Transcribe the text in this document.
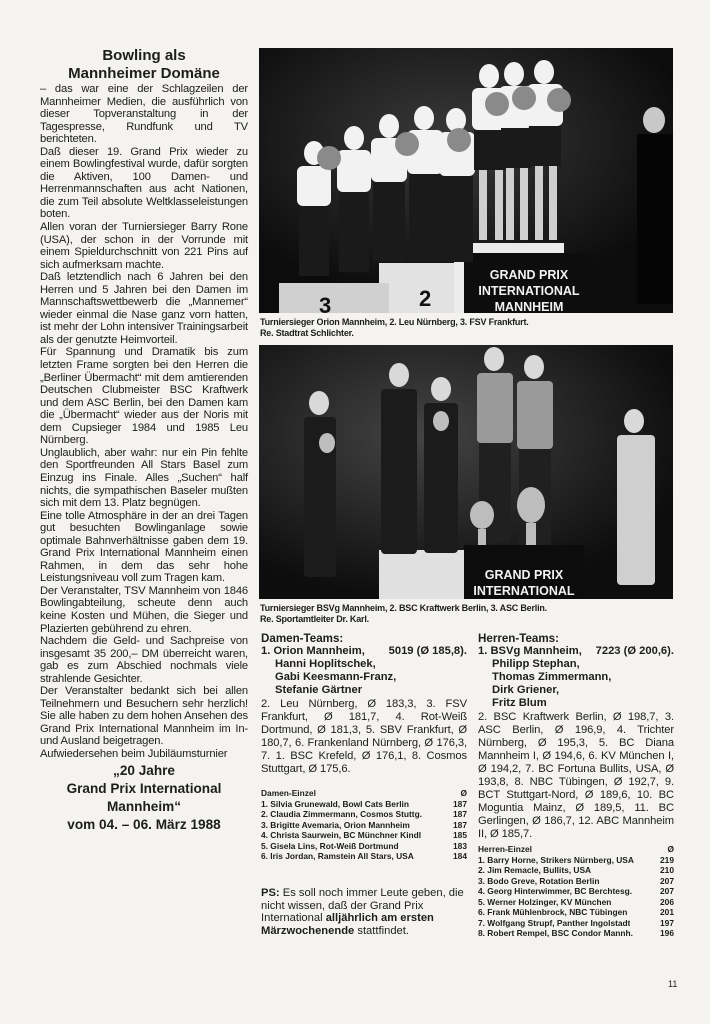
Bowling als
Mannheimer Domäne
– das war eine der Schlagzeilen der Mannheimer Medien, die ausführlich von dieser Topveranstaltung in der Tagespresse, Rundfunk und TV berichteten.
Daß dieser 19. Grand Prix wieder zu einem Bowlingfestival wurde, dafür sorgten die Aktiven, 100 Damen- und Herrenmannschaften aus acht Nationen, die zum Teil absolute Weltklasseleistungen boten.
Allen voran der Turniersieger Barry Rone (USA), der schon in der Vorrunde mit einem Spieldurchschnitt von 221 Pins auf sich aufmerksam machte.
Daß letztendlich nach 6 Jahren bei den Herren und 5 Jahren bei den Damen im Mannschaftswettbewerb die „Mannemer“ wieder einmal die Nase ganz vorn hatten, ist mehr der Lohn intensiver Trainingsarbeit als der genutzte Heimvorteil.
Für Spannung und Dramatik bis zum letzten Frame sorgten bei den Herren die „Berliner Übermacht“ mit dem amtierenden Deutschen Clubmeister BSC Kraftwerk und dem ASC Berlin, bei den Damen kam die „Übermacht“ wieder aus der Noris mit dem Cupsieger 1984 und 1985 Leu Nürnberg.
Unglaublich, aber wahr: nur ein Pin fehlte den Sportfreunden All Stars Basel zum Einzug ins Finale. Alles „Suchen“ half nichts, die sympathischen Baseler mußten sich mit dem 13. Platz begnügen.
Eine tolle Atmosphäre in der an drei Tagen gut besuchten Bowlinganlage sowie optimale Bahnverhältnisse gaben dem 19. Grand Prix International Mannheim einen Rahmen, in dem das sehr hohe Leistungsniveau voll zum Tragen kam.
Der Veranstalter, TSV Mannheim von 1846 Bowlingabteilung, scheute denn auch keine Kosten und Mühen, die Sieger und Plazierten gebührend zu ehren.
Nachdem die Geld- und Sachpreise von insgesamt 35 200,– DM überreicht waren, gab es zum Abschied nochmals viele strahlende Gesichter.
Der Veranstalter bedankt sich bei allen Teilnehmern und Besuchern sehr herzlich! Sie alle haben zu dem hohen Ansehen des Grand Prix International Mannheim im In- und Ausland beigetragen.
Aufwiedersehen beim Jubiläumsturnier
„20 Jahre
Grand Prix International
Mannheim“
vom 04. – 06. März 1988
2
3
GRAND PRIX
INTERNATIONAL
MANNHEIM
Turniersieger Orion Mannheim, 2. Leu Nürnberg, 3. FSV Frankfurt.
Re. Stadtrat Schlichter.
GRAND PRIX
INTERNATIONAL
Turniersieger BSVg Mannheim, 2. BSC Kraftwerk Berlin, 3. ASC Berlin.
Re. Sportamtleiter Dr. Karl.
Damen-Teams:
1. Orion Mannheim, 5019 (Ø 185,8).
Hanni Hoplitschek,
Gabi Keesmann-Franz,
Stefanie Gärtner
2. Leu Nürnberg, Ø 183,3, 3. FSV Frankfurt, Ø 181,7, 4. Rot-Weiß Dortmund, Ø 181,3, 5. SBV Frankfurt, Ø 180,7, 6. Frankenland Nürnberg, Ø 176,3, 7. 1. BSC Krefeld, Ø 176,1, 8. Cosmos Stuttgart, Ø 175,6.
Damen-Einzel	Ø
1. Silvia Grunewald, Bowl Cats Berlin	187
2. Claudia Zimmermann, Cosmos Stuttg.	187
3. Brigitte Avemaria, Orion Mannheim	187
4. Christa Saurwein, BC Münchner Kindl	185
5. Gisela Lins, Rot-Weiß Dortmund	183
6. Iris Jordan, Ramstein All Stars, USA	184
Herren-Teams:
1. BSVg Mannheim, 7223 (Ø 200,6).
Philipp Stephan,
Thomas Zimmermann,
Dirk Griener,
Fritz Blum
2. BSC Kraftwerk Berlin, Ø 198,7, 3. ASC Berlin, Ø 196,9, 4. Trichter Nürnberg, Ø 195,3, 5. BC Diana Mannheim I, Ø 194,6, 6. KV München I, Ø 194,2, 7. BC Fortuna Bullits, USA, Ø 193,8, 8. NBC Tübingen, Ø 192,7, 9. BCT Stuttgart-Nord, Ø 189,6, 10. BC Moguntia Mainz, Ø 189,5, 11. BC Gerlingen, Ø 186,7, 12. ABC Mannheim II, Ø 185,7.
Herren-Einzel	Ø
1. Barry Horne, Strikers Nürnberg, USA	219
2. Jim Remacle, Bullits, USA	210
3. Bodo Greve, Rotation Berlin	207
4. Georg Hinterwimmer, BC Berchtesg.	207
5. Werner Holzinger, KV München	206
6. Frank Mühlenbrock, NBC Tübingen	201
7. Wolfgang Strupf, Panther Ingolstadt	197
8. Robert Rempel, BSC Condor Mannh.	196
PS: Es soll noch immer Leute geben, die nicht wissen, daß der Grand Prix International alljährlich am ersten Märzwochenende stattfindet.
11
